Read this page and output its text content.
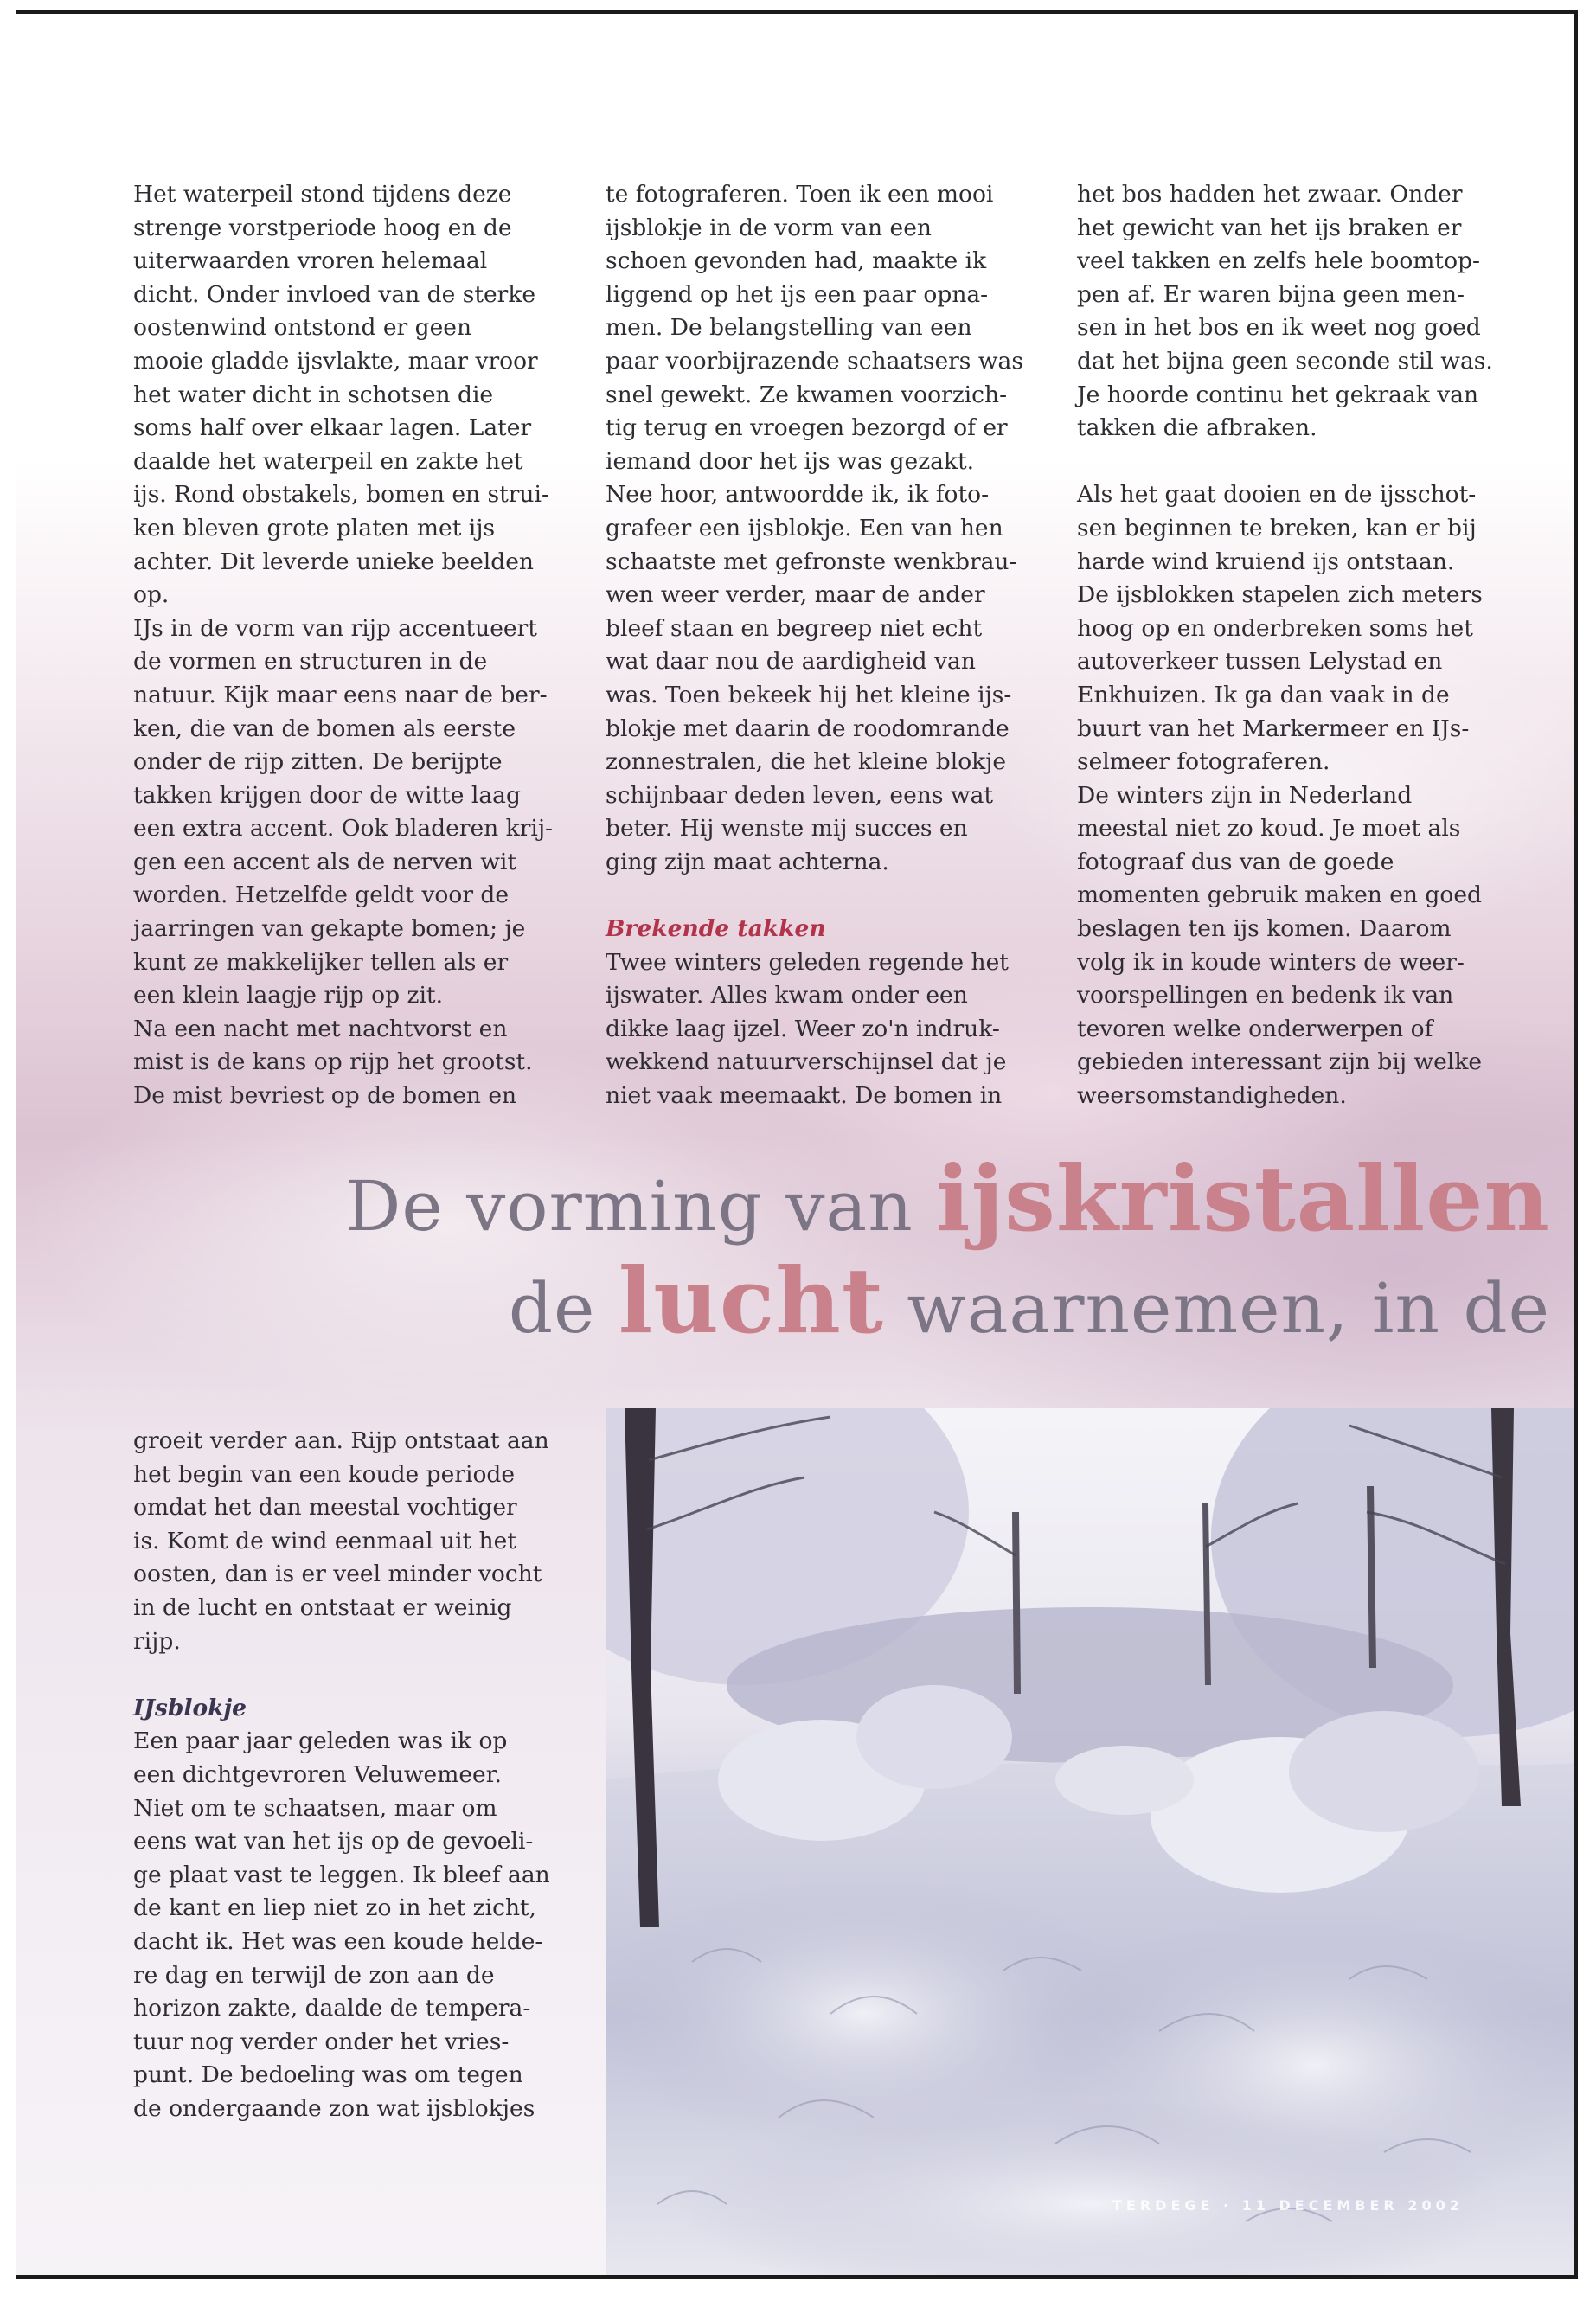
Het waterpeil stond tijdens deze

strenge vorstperiode hoog en de

uiterwaarden vroren helemaal

dicht. Onder invloed van de sterke

oostenwind ontstond er geen

mooie gladde ijsvlakte, maar vroor

het water dicht in schotsen die

soms half over elkaar lagen. Later

daalde het waterpeil en zakte het

ijs. Rond obstakels, bomen en strui-

ken bleven grote platen met ijs

achter. Dit leverde unieke beelden

op.

IJs in de vorm van rijp accentueert

de vormen en structuren in de

natuur. Kijk maar eens naar de ber-

ken, die van de bomen als eerste

onder de rijp zitten. De berijpte

takken krijgen door de witte laag

een extra accent. Ook bladeren krij-

gen een accent als de nerven wit

worden. Hetzelfde geldt voor de

jaarringen van gekapte bomen; je

kunt ze makkelijker tellen als er

een klein laagje rijp op zit.

Na een nacht met nachtvorst en

mist is de kans op rijp het grootst.

De mist bevriest op de bomen en

te fotograferen. Toen ik een mooi

ijsblokje in de vorm van een

schoen gevonden had, maakte ik

liggend op het ijs een paar opna-

men. De belangstelling van een

paar voorbijrazende schaatsers was

snel gewekt. Ze kwamen voorzich-

tig terug en vroegen bezorgd of er

iemand door het ijs was gezakt.

Nee hoor, antwoordde ik, ik foto-

grafeer een ijsblokje. Een van hen

schaatste met gefronste wenkbrau-

wen weer verder, maar de ander

bleef staan en begreep niet echt

wat daar nou de aardigheid van

was. Toen bekeek hij het kleine ijs-

blokje met daarin de roodomrande

zonnestralen, die het kleine blokje

schijnbaar deden leven, eens wat

beter. Hij wenste mij succes en

ging zijn maat achterna.

Brekende takken

Twee winters geleden regende het

ijswater. Alles kwam onder een

dikke laag ijzel. Weer zo'n indruk-

wekkend natuurverschijnsel dat je

niet vaak meemaakt. De bomen in

het bos hadden het zwaar. Onder

het gewicht van het ijs braken er

veel takken en zelfs hele boomtop-

pen af. Er waren bijna geen men-

sen in het bos en ik weet nog goed

dat het bijna geen seconde stil was.

Je hoorde continu het gekraak van

takken die afbraken.

Als het gaat dooien en de ijsschot-

sen beginnen te breken, kan er bij

harde wind kruiend ijs ontstaan.

De ijsblokken stapelen zich meters

hoog op en onderbreken soms het

autoverkeer tussen Lelystad en

Enkhuizen. Ik ga dan vaak in de

buurt van het Markermeer en IJs-

selmeer fotograferen.

De winters zijn in Nederland

meestal niet zo koud. Je moet als

fotograaf dus van de goede

momenten gebruik maken en goed

beslagen ten ijs komen. Daarom

volg ik in koude winters de weer-

voorspellingen en bedenk ik van

tevoren welke onderwerpen of

gebieden interessant zijn bij welke

weersomstandigheden.

De vorming van ijskristallen
de lucht waarnemen, in de

groeit verder aan. Rijp ontstaat aan

het begin van een koude periode

omdat het dan meestal vochtiger

is. Komt de wind eenmaal uit het

oosten, dan is er veel minder vocht

in de lucht en ontstaat er weinig

rijp.

IJsblokje

Een paar jaar geleden was ik op

een dichtgevroren Veluwemeer.

Niet om te schaatsen, maar om

eens wat van het ijs op de gevoeli-

ge plaat vast te leggen. Ik bleef aan

de kant en liep niet zo in het zicht,

dacht ik. Het was een koude helde-

re dag en terwijl de zon aan de

horizon zakte, daalde de tempera-

tuur nog verder onder het vries-

punt. De bedoeling was om tegen

de ondergaande zon wat ijsblokjes

TERDEGE · 11 DECEMBER 2002
